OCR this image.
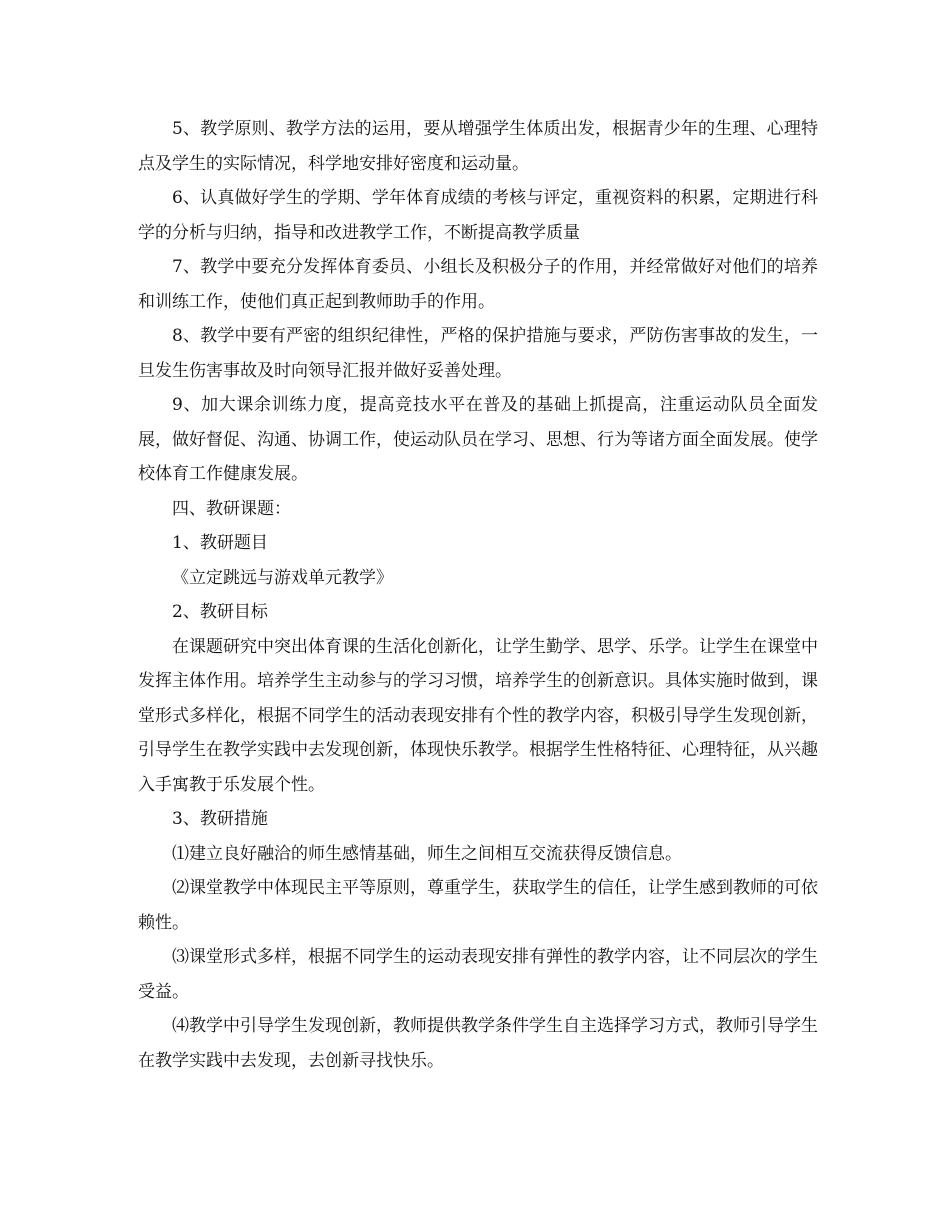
5、教学原则、教学方法的运用，要从增强学生体质出发，根据青少年的生理、心理特点及学生的实际情况，科学地安排好密度和运动量。

6、认真做好学生的学期、学年体育成绩的考核与评定，重视资料的积累，定期进行科学的分析与归纳，指导和改进教学工作，不断提高教学质量

7、教学中要充分发挥体育委员、小组长及积极分子的作用，并经常做好对他们的培养和训练工作，使他们真正起到教师助手的作用。

8、教学中要有严密的组织纪律性，严格的保护措施与要求，严防伤害事故的发生，一旦发生伤害事故及时向领导汇报并做好妥善处理。

9、加大课余训练力度，提高竞技水平在普及的基础上抓提高，注重运动队员全面发展，做好督促、沟通、协调工作，使运动队员在学习、思想、行为等诸方面全面发展。使学校体育工作健康发展。

四、教研课题：

1、教研题目

《立定跳远与游戏单元教学》

2、教研目标

在课题研究中突出体育课的生活化创新化，让学生勤学、思学、乐学。让学生在课堂中发挥主体作用。培养学生主动参与的学习习惯，培养学生的创新意识。具体实施时做到，课堂形式多样化，根据不同学生的活动表现安排有个性的教学内容，积极引导学生发现创新，引导学生在教学实践中去发现创新，体现快乐教学。根据学生性格特征、心理特征，从兴趣入手寓教于乐发展个性。

3、教研措施

⑴建立良好融洽的师生感情基础，师生之间相互交流获得反馈信息。

⑵课堂教学中体现民主平等原则，尊重学生，获取学生的信任，让学生感到教师的可依赖性。

⑶课堂形式多样，根据不同学生的运动表现安排有弹性的教学内容，让不同层次的学生受益。

⑷教学中引导学生发现创新，教师提供教学条件学生自主选择学习方式，教师引导学生在教学实践中去发现，去创新寻找快乐。
